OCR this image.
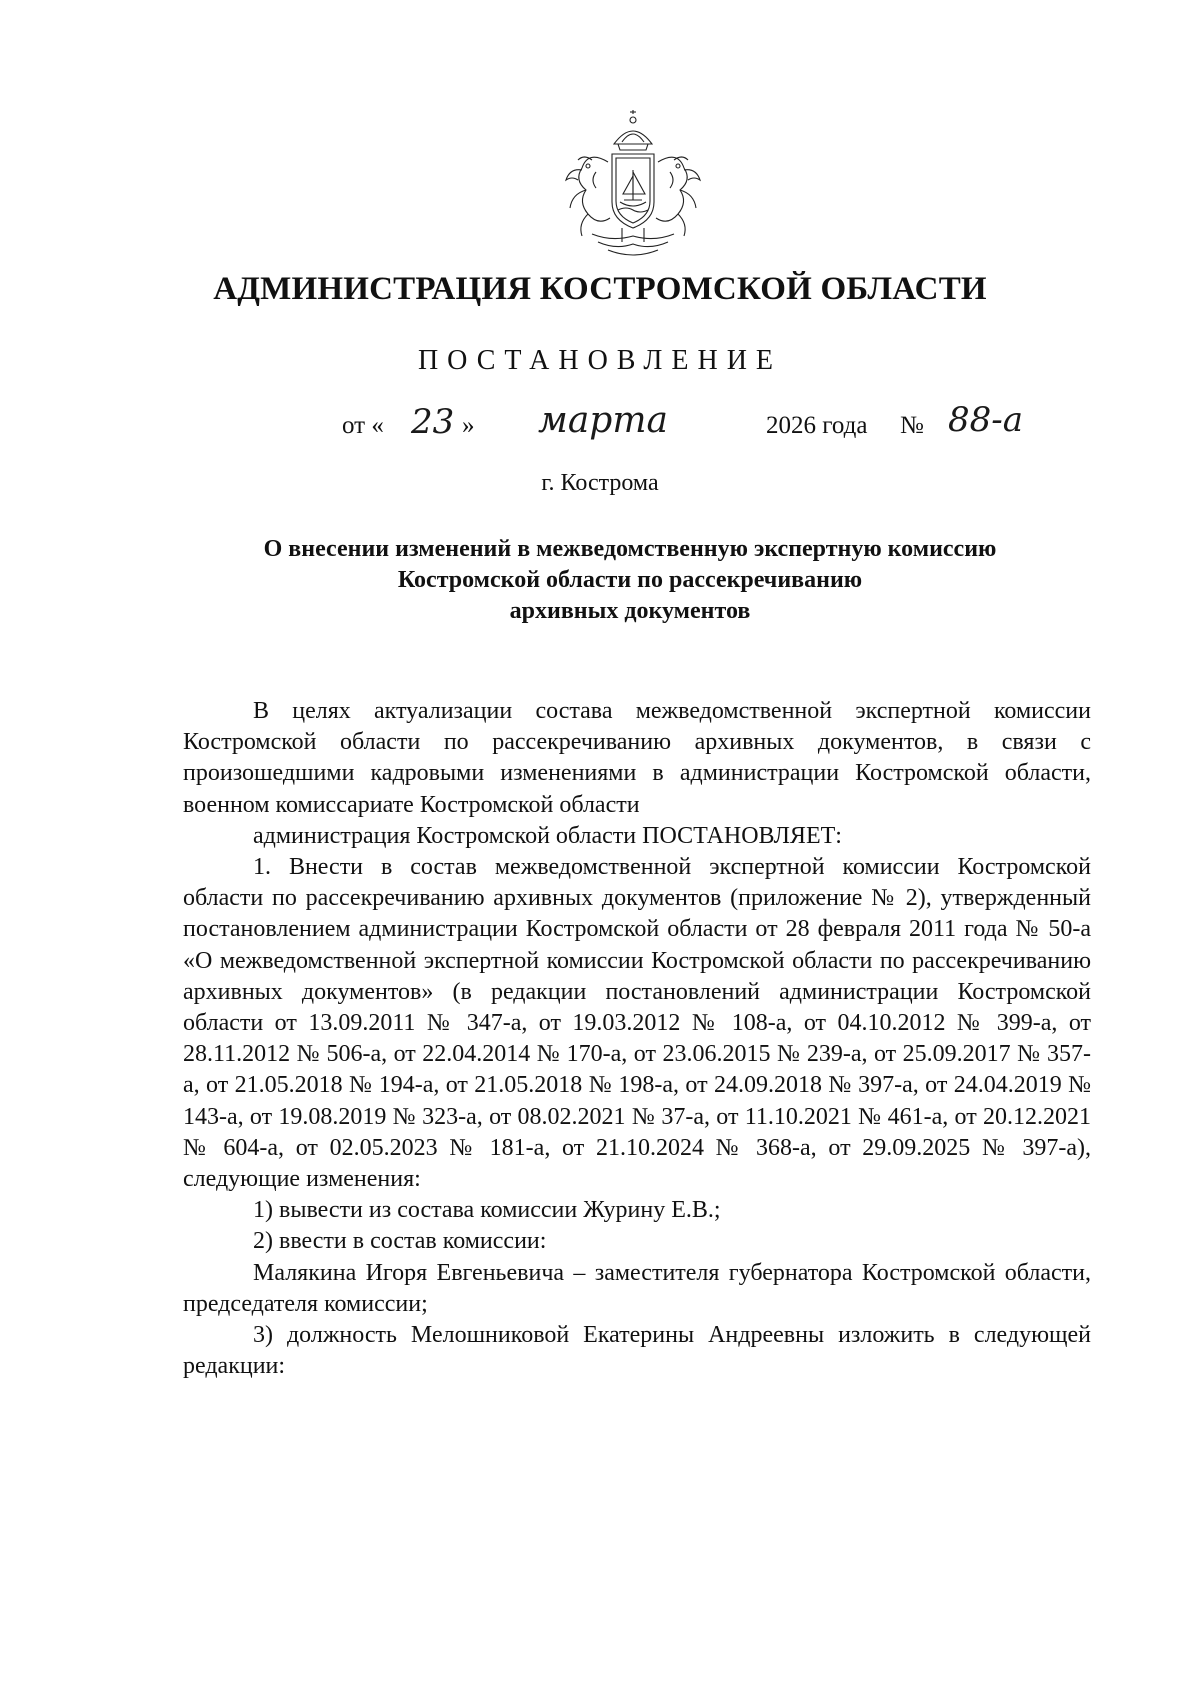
АДМИНИСТРАЦИЯ КОСТРОМСКОЙ ОБЛАСТИ
ПОСТАНОВЛЕНИЕ
от « 23 » марта	2026 года № 88-а
г. Кострома
О внесении изменений в межведомственную экспертную комиссию
Костромской области по рассекречиванию
архивных документов

В целях актуализации состава межведомственной экспертной комиссии Костромской области по рассекречиванию архивных документов, в связи с произошедшими кадровыми изменениями в администрации Костромской области, военном комиссариате Костромской области

администрация Костромской области ПОСТАНОВЛЯЕТ:

1. Внести в состав межведомственной экспертной комиссии Костромской области по рассекречиванию архивных документов (приложение № 2), утвержденный постановлением администрации Костромской области от 28 февраля 2011 года № 50-а «О межведомственной экспертной комиссии Костромской области по рассекречиванию архивных документов» (в редакции постановлений администрации Костромской области от 13.09.2011 № 347-а, от 19.03.2012 № 108-а, от 04.10.2012 № 399-а, от 28.11.2012 № 506-а, от 22.04.2014 № 170-а, от 23.06.2015 № 239-а, от 25.09.2017 № 357-а, от 21.05.2018 № 194-а, от 21.05.2018 № 198-а, от 24.09.2018 № 397-а, от 24.04.2019 № 143-а, от 19.08.2019 № 323-а, от 08.02.2021 № 37-а, от 11.10.2021 № 461-а, от 20.12.2021 № 604-а, от 02.05.2023 № 181-а, от 21.10.2024 № 368-а, от 29.09.2025 № 397-а), следующие изменения:

1) вывести из состава комиссии Журину Е.В.;

2) ввести в состав комиссии:

Малякина Игоря Евгеньевича – заместителя губернатора Костромской области, председателя комиссии;

3) должность Мелошниковой Екатерины Андреевны изложить в следующей редакции:
